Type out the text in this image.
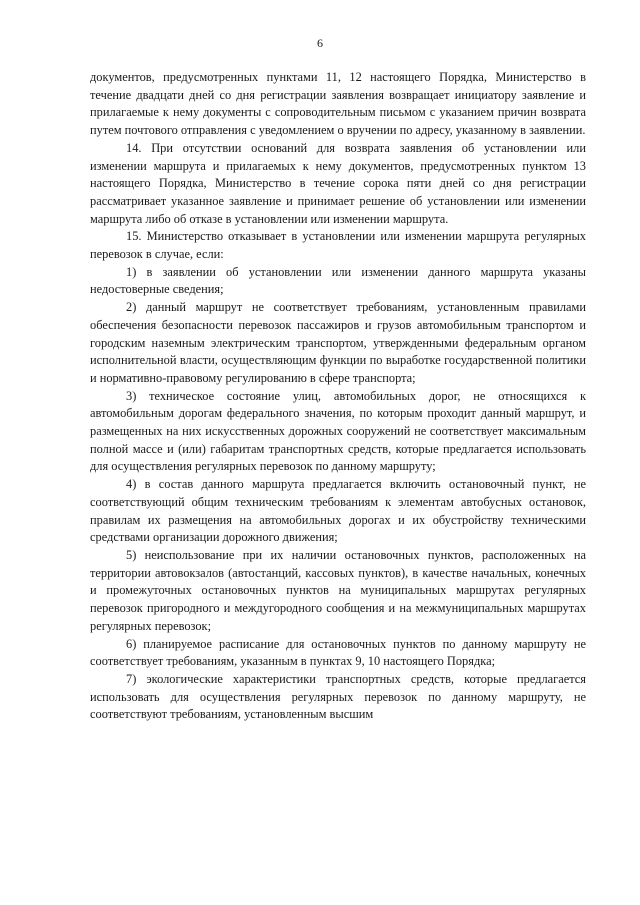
6

документов, предусмотренных пунктами 11, 12 настоящего Порядка, Министерство в течение двадцати дней со дня регистрации заявления возвращает инициатору заявление и прилагаемые к нему документы с сопроводительным письмом с указанием причин возврата путем почтового отправления с уведомлением о вручении по адресу, указанному в заявлении.

14. При отсутствии оснований для возврата заявления об установлении или изменении маршрута и прилагаемых к нему документов, предусмотренных пунктом 13 настоящего Порядка, Министерство в течение сорока пяти дней со дня регистрации рассматривает указанное заявление и принимает решение об установлении или изменении маршрута либо об отказе в установлении или изменении маршрута.

15. Министерство отказывает в установлении или изменении маршрута регулярных перевозок в случае, если:

1) в заявлении об установлении или изменении данного маршрута указаны недостоверные сведения;

2) данный маршрут не соответствует требованиям, установленным правилами обеспечения безопасности перевозок пассажиров и грузов автомобильным транспортом и городским наземным электрическим транспортом, утвержденными федеральным органом исполнительной власти, осуществляющим функции по выработке государственной политики и нормативно-правовому регулированию в сфере транспорта;

3) техническое состояние улиц, автомобильных дорог, не относящихся к автомобильным дорогам федерального значения, по которым проходит данный маршрут, и размещенных на них искусственных дорожных сооружений не соответствует максимальным полной массе и (или) габаритам транспортных средств, которые предлагается использовать для осуществления регулярных перевозок по данному маршруту;

4) в состав данного маршрута предлагается включить остановочный пункт, не соответствующий общим техническим требованиям к элементам автобусных остановок, правилам их размещения на автомобильных дорогах и их обустройству техническими средствами организации дорожного движения;

5) неиспользование при их наличии остановочных пунктов, расположенных на территории автовокзалов (автостанций, кассовых пунктов), в качестве начальных, конечных и промежуточных остановочных пунктов на муниципальных маршрутах регулярных перевозок пригородного и междугородного сообщения и на межмуниципальных маршрутах регулярных перевозок;

6) планируемое расписание для остановочных пунктов по данному маршруту не соответствует требованиям, указанным в пунктах 9, 10 настоящего Порядка;

7) экологические характеристики транспортных средств, которые предлагается использовать для осуществления регулярных перевозок по данному маршруту, не соответствуют требованиям, установленным высшим
